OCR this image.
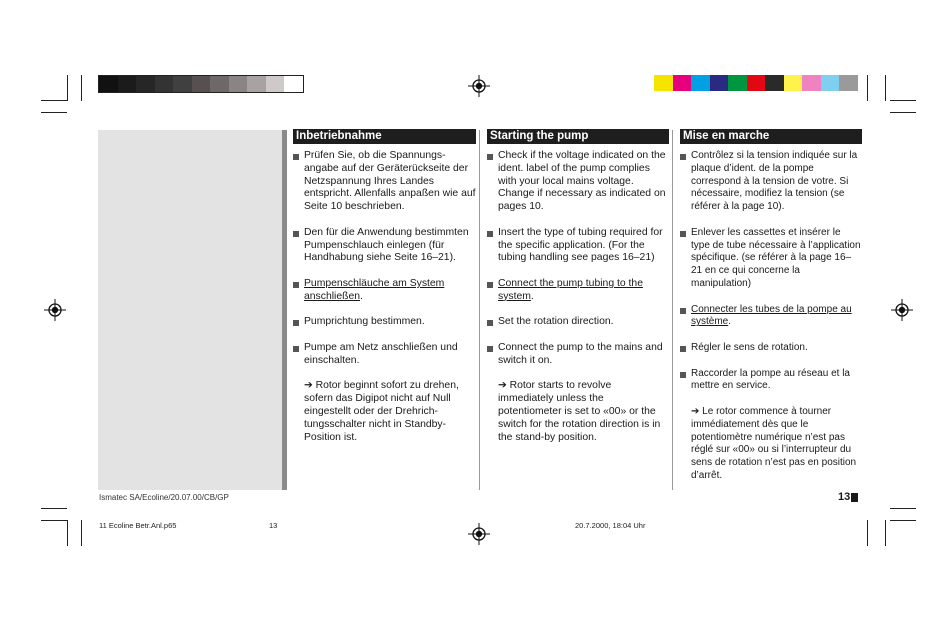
Inbetriebnahme
Prüfen Sie, ob die Spannungs-angabe auf der Geräterückseite der Netzspannung Ihres Landes entspricht. Allenfalls anpaßen wie auf Seite 10 beschrieben.
Den für die Anwendung bestimmten Pumpenschlauch einlegen (für Handhabung siehe Seite 16–21).
Pumpenschläuche am System anschließen.
Pumprichtung bestimmen.
Pumpe am Netz anschließen und einschalten.
➔ Rotor beginnt sofort zu drehen, sofern das Digipot nicht auf Null eingestellt oder der Drehrich-tungsschalter nicht in Standby-Position ist.
Starting the pump
Check if the voltage indicated on the ident. label of the pump complies with your local mains voltage. Change if necessary as indicated on pages 10.
Insert the type of tubing required for the specific application. (For the tubing handling see pages 16–21)
Connect the pump tubing to the system.
Set the rotation direction.
Connect the pump to the mains and switch it on.
➔ Rotor starts to revolve immediately unless the potentiometer is set to «00» or the switch for the rotation direction is in the stand-by position.
Mise en marche
Contrôlez si la tension indiquée sur la plaque d’ident. de la pompe correspond à la tension de votre. Si nécessaire, modifiez la tension (se référer à la page 10).
Enlever les cassettes et insérer le type de tube nécessaire à l’application spécifique. (se référer à la page 16–21 en ce qui concerne la manipulation)
Connecter les tubes de la pompe au système.
Régler le sens de rotation.
Raccorder la pompe au réseau et la mettre en service.
➔ Le rotor commence à tourner immédiatement dès que le potentiomètre numérique n’est pas réglé sur «00» ou si l’interrupteur du sens de rotation n’est pas en position d’arrêt.
Ismatec SA/Ecoline/20.07.00/CB/GP	13
11 Ecoline Betr.Anl.p65	13	20.7.2000, 18:04 Uhr
